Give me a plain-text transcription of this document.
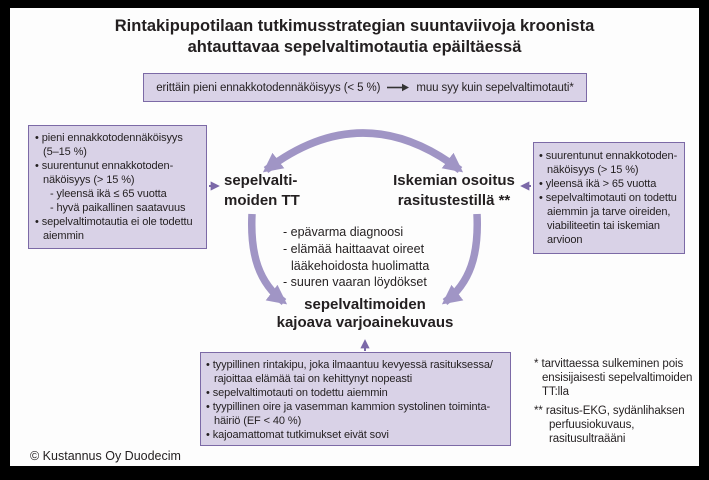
Rintakipupotilaan tutkimusstrategian suuntaviivoja kroonista
ahtauttavaa sepelvaltimotautia epäiltäessä
erittäin pieni ennakkotodennäköisyys (< 5 %)	muu syy kuin sepelvaltimotauti*
• pieni ennakkotodennäköisyys
(5–15 %)
• suurentunut ennakkotoden-
näköisyys (> 15 %)
- yleensä ikä ≤ 65 vuotta
- hyvä paikallinen saatavuus
• sepelvaltimotautia ei ole todettu
aiemmin
• suurentunut ennakkotoden-
näköisyys (> 15 %)
• yleensä ikä > 65 vuotta
• sepelvaltimotauti on todettu
aiemmin ja tarve oireiden,
viabiliteetin tai iskemian
arvioon
sepelvalti-
moiden TT
Iskemian osoitus
rasitustestillä **
- epävarma diagnoosi
- elämää haittaavat oireet
lääkehoidosta huolimatta
- suuren vaaran löydökset
sepelvaltimoiden
kajoava varjoainekuvaus
• tyypillinen rintakipu, joka ilmaantuu kevyessä rasituksessa/
rajoittaa elämää tai on kehittynyt nopeasti
• sepelvaltimotauti on todettu aiemmin
• tyypillinen oire ja vasemman kammion systolinen toiminta-
häiriö (EF < 40 %)
• kajoamattomat tutkimukset eivät sovi
* tarvittaessa sulkeminen pois
ensisijaisesti sepelvaltimoiden
TT:lla
** rasitus-EKG, sydänlihaksen
perfuusiokuvaus,
rasitusultraääni
© Kustannus Oy Duodecim
